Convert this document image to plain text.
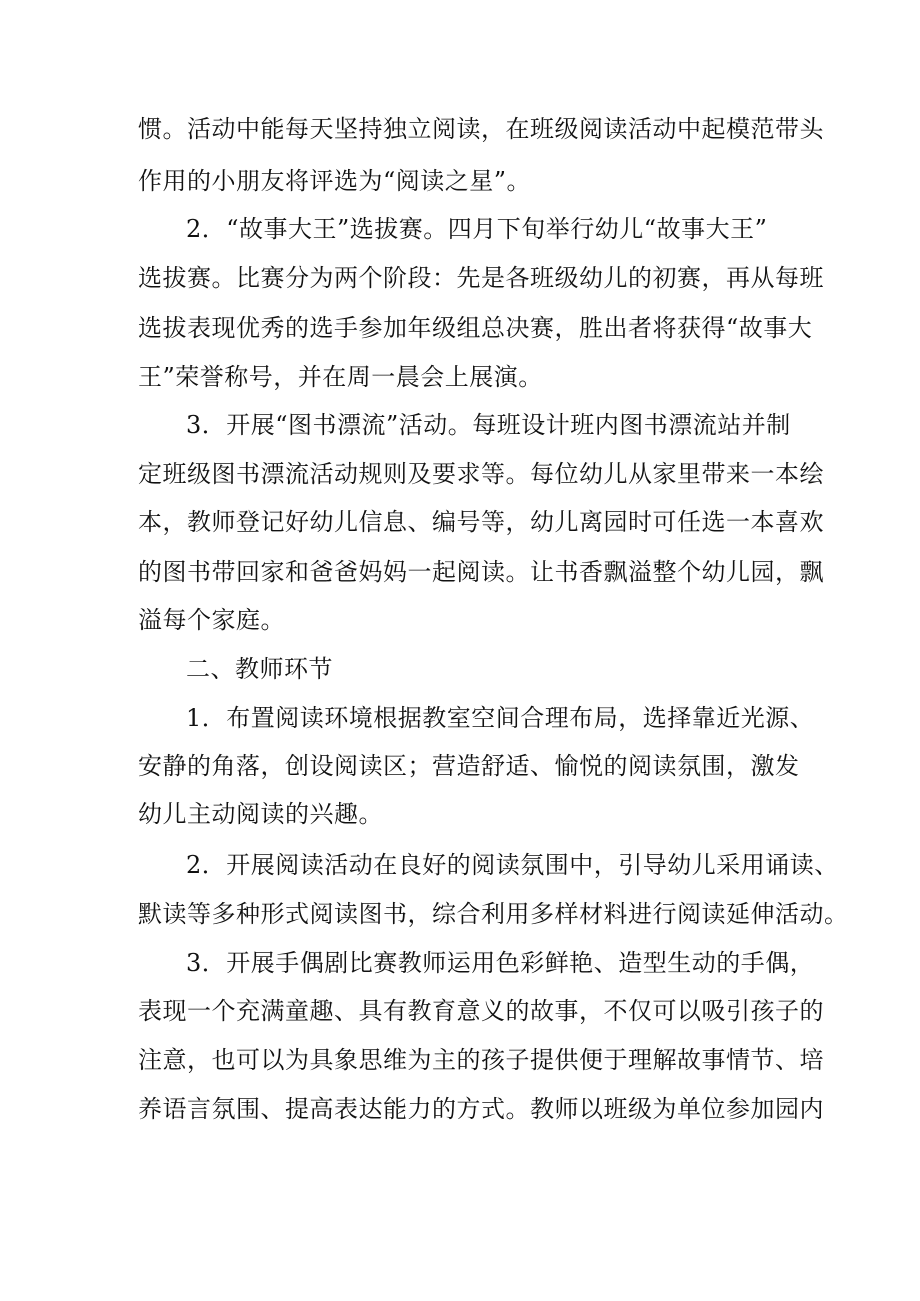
惯。活动中能每天坚持独立阅读，在班级阅读活动中起模范带头
作用的小朋友将评选为“阅读之星”。
2．“故事大王”选拔赛。四月下旬举行幼儿“故事大王”
选拔赛。比赛分为两个阶段：先是各班级幼儿的初赛，再从每班
选拔表现优秀的选手参加年级组总决赛，胜出者将获得“故事大
王”荣誉称号，并在周一晨会上展演。
3．开展“图书漂流”活动。每班设计班内图书漂流站并制
定班级图书漂流活动规则及要求等。每位幼儿从家里带来一本绘
本，教师登记好幼儿信息、编号等，幼儿离园时可任选一本喜欢
的图书带回家和爸爸妈妈一起阅读。让书香飘溢整个幼儿园，飘
溢每个家庭。
二、教师环节
1．布置阅读环境根据教室空间合理布局，选择靠近光源、
安静的角落，创设阅读区；营造舒适、愉悦的阅读氛围，激发
幼儿主动阅读的兴趣。
2．开展阅读活动在良好的阅读氛围中，引导幼儿采用诵读、
默读等多种形式阅读图书，综合利用多样材料进行阅读延伸活动。
3．开展手偶剧比赛教师运用色彩鲜艳、造型生动的手偶，
表现一个充满童趣、具有教育意义的故事，不仅可以吸引孩子的
注意，也可以为具象思维为主的孩子提供便于理解故事情节、培
养语言氛围、提高表达能力的方式。教师以班级为单位参加园内
